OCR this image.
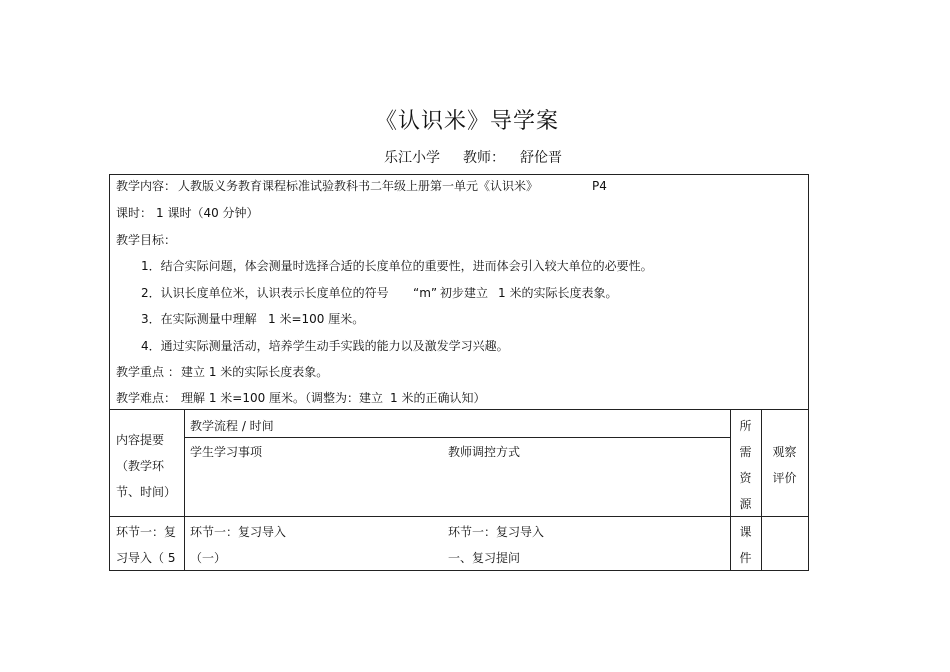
《认识米》导学案
乐江小学 教师： 舒伦晋
教学内容： 人教版义务教育课程标准试验教科书二年级上册第一单元《认识米》	P4
课时： 1 课时（40 分钟）
教学目标：
1．结合实际问题，体会测量时选择合适的长度单位的重要性，进而体会引入较大单位的必要性。
2．认识长度单位米，认识表示长度单位的符号 “m” 初步建立 1 米的实际长度表象。
3．在实际测量中理解 1 米=100 厘米。
4．通过实际测量活动，培养学生动手实践的能力以及激发学习兴趣。
教学重点 ： 建立 1 米的实际长度表象。
教学难点： 理解 1 米=100 厘米。（调整为：建立 1 米的正确认知）
内容提要
（教学环
节、时间）
教学流程 / 时间
学生学习事项	教师调控方式
所
需
资
源
观察
评价
环节一：复
习导入（ 5
环节一：复习导入
（一）
环节一：复习导入
一、复习提问
课
件
